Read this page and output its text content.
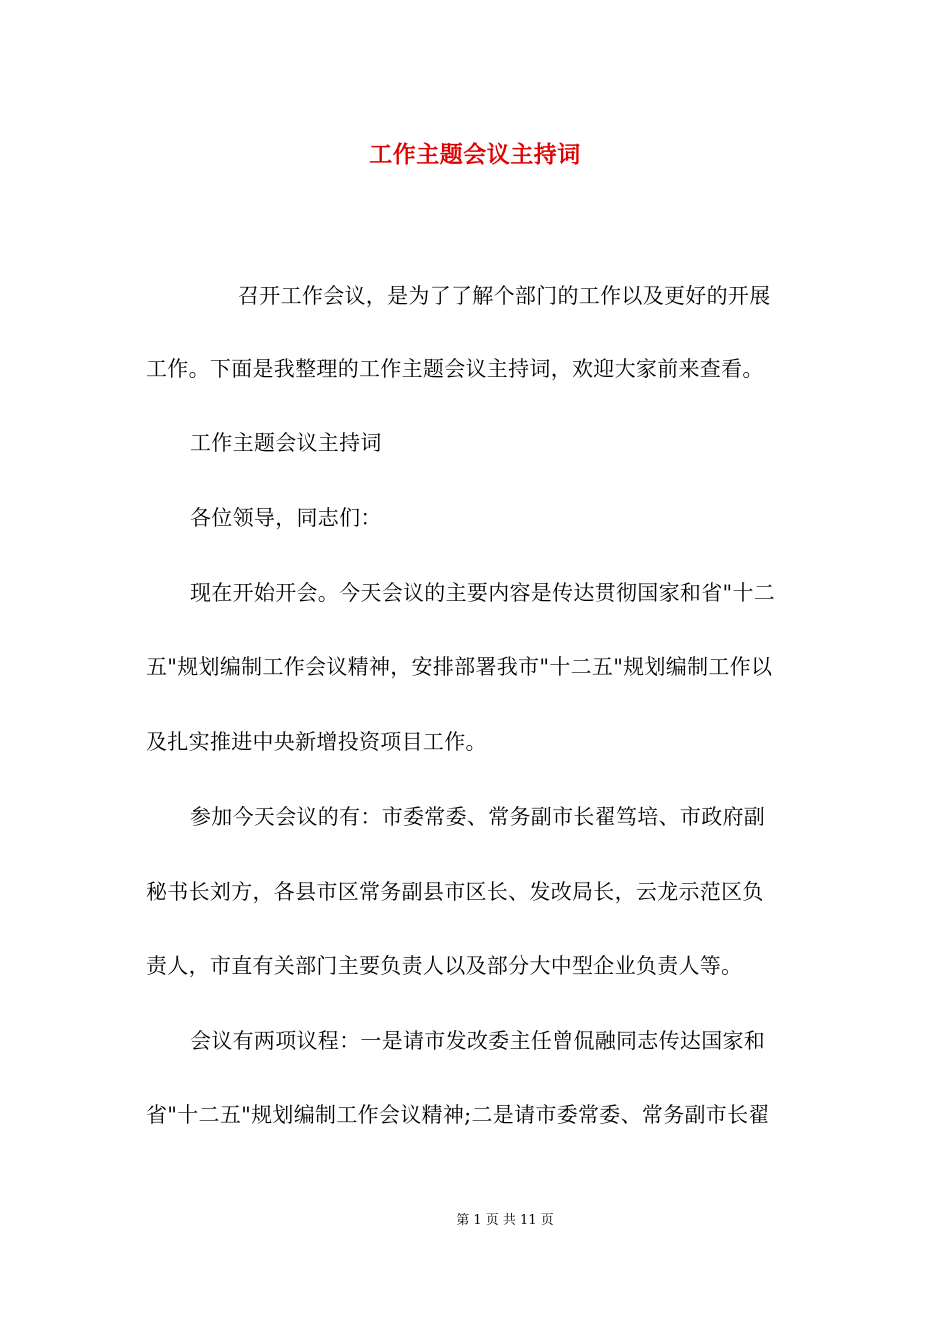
工作主题会议主持词
召开工作会议，是为了了解个部门的工作以及更好的开展
工作。下面是我整理的工作主题会议主持词，欢迎大家前来查看。
工作主题会议主持词
各位领导，同志们：
现在开始开会。今天会议的主要内容是传达贯彻国家和省"十二
五"规划编制工作会议精神，安排部署我市"十二五"规划编制工作以
及扎实推进中央新增投资项目工作。
参加今天会议的有：市委常委、常务副市长翟笃培、市政府副
秘书长刘方，各县市区常务副县市区长、发改局长，云龙示范区负
责人，市直有关部门主要负责人以及部分大中型企业负责人等。
会议有两项议程：一是请市发改委主任曾侃融同志传达国家和
省"十二五"规划编制工作会议精神;二是请市委常委、常务副市长翟
第 1 页 共 11 页
